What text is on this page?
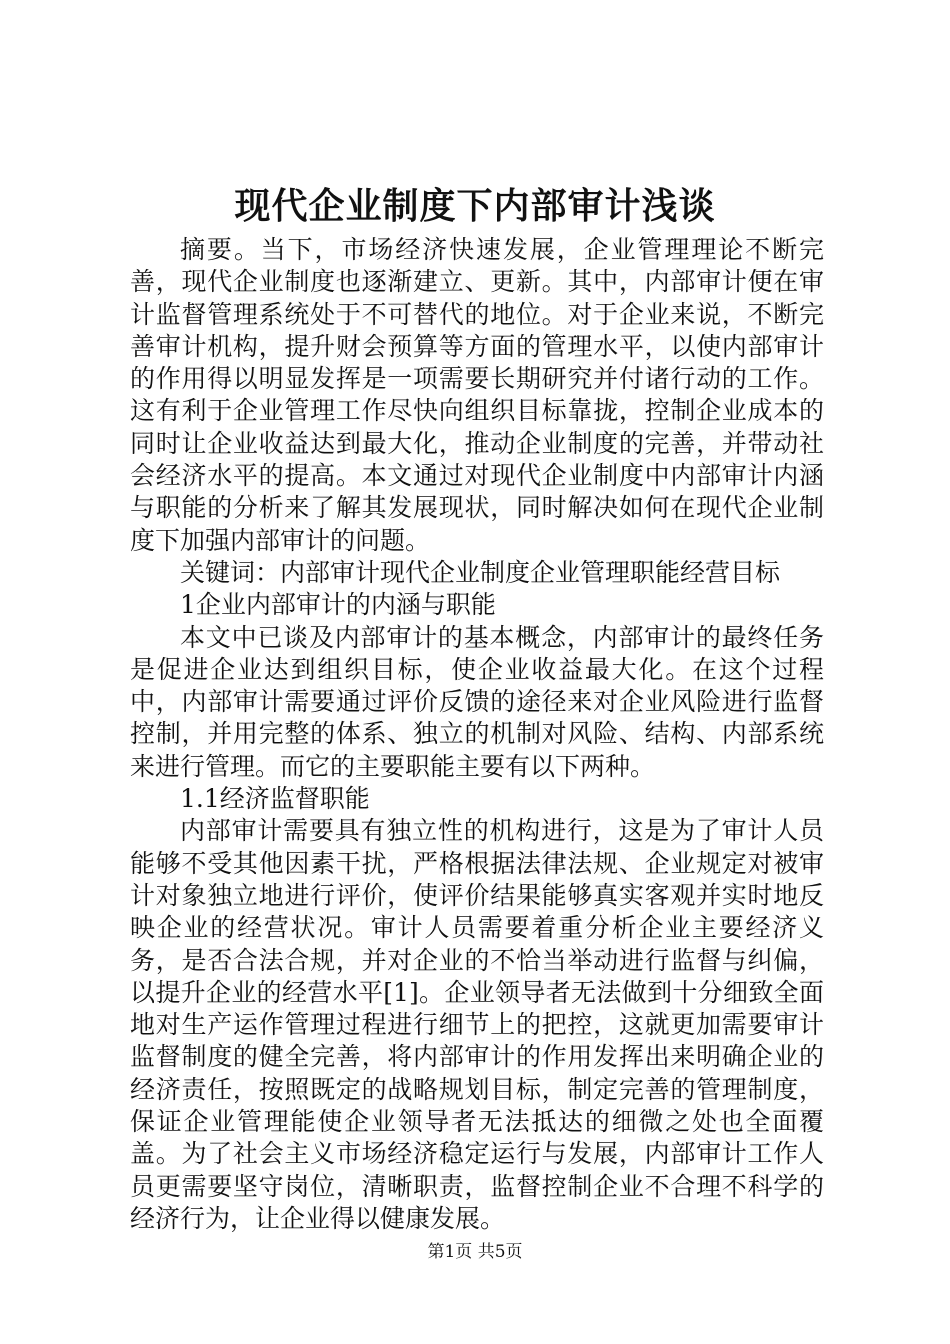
现代企业制度下内部审计浅谈

摘要。当下，市场经济快速发展，企业管理理论不断完善，现代企业制度也逐渐建立、更新。其中，内部审计便在审计监督管理系统处于不可替代的地位。对于企业来说，不断完善审计机构，提升财会预算等方面的管理水平，以使内部审计的作用得以明显发挥是一项需要长期研究并付诸行动的工作。这有利于企业管理工作尽快向组织目标靠拢，控制企业成本的同时让企业收益达到最大化，推动企业制度的完善，并带动社会经济水平的提高。本文通过对现代企业制度中内部审计内涵与职能的分析来了解其发展现状，同时解决如何在现代企业制度下加强内部审计的问题。

关键词：内部审计现代企业制度企业管理职能经营目标

1企业内部审计的内涵与职能

本文中已谈及内部审计的基本概念，内部审计的最终任务是促进企业达到组织目标，使企业收益最大化。在这个过程中，内部审计需要通过评价反馈的途径来对企业风险进行监督控制，并用完整的体系、独立的机制对风险、结构、内部系统来进行管理。而它的主要职能主要有以下两种。

1.1经济监督职能

内部审计需要具有独立性的机构进行，这是为了审计人员能够不受其他因素干扰，严格根据法律法规、企业规定对被审计对象独立地进行评价，使评价结果能够真实客观并实时地反映企业的经营状况。审计人员需要着重分析企业主要经济义务，是否合法合规，并对企业的不恰当举动进行监督与纠偏，以提升企业的经营水平[1]。企业领导者无法做到十分细致全面地对生产运作管理过程进行细节上的把控，这就更加需要审计监督制度的健全完善，将内部审计的作用发挥出来明确企业的经济责任，按照既定的战略规划目标，制定完善的管理制度，保证企业管理能使企业领导者无法抵达的细微之处也全面覆盖。为了社会主义市场经济稳定运行与发展，内部审计工作人员更需要坚守岗位，清晰职责，监督控制企业不合理不科学的经济行为，让企业得以健康发展。

第1页 共5页
